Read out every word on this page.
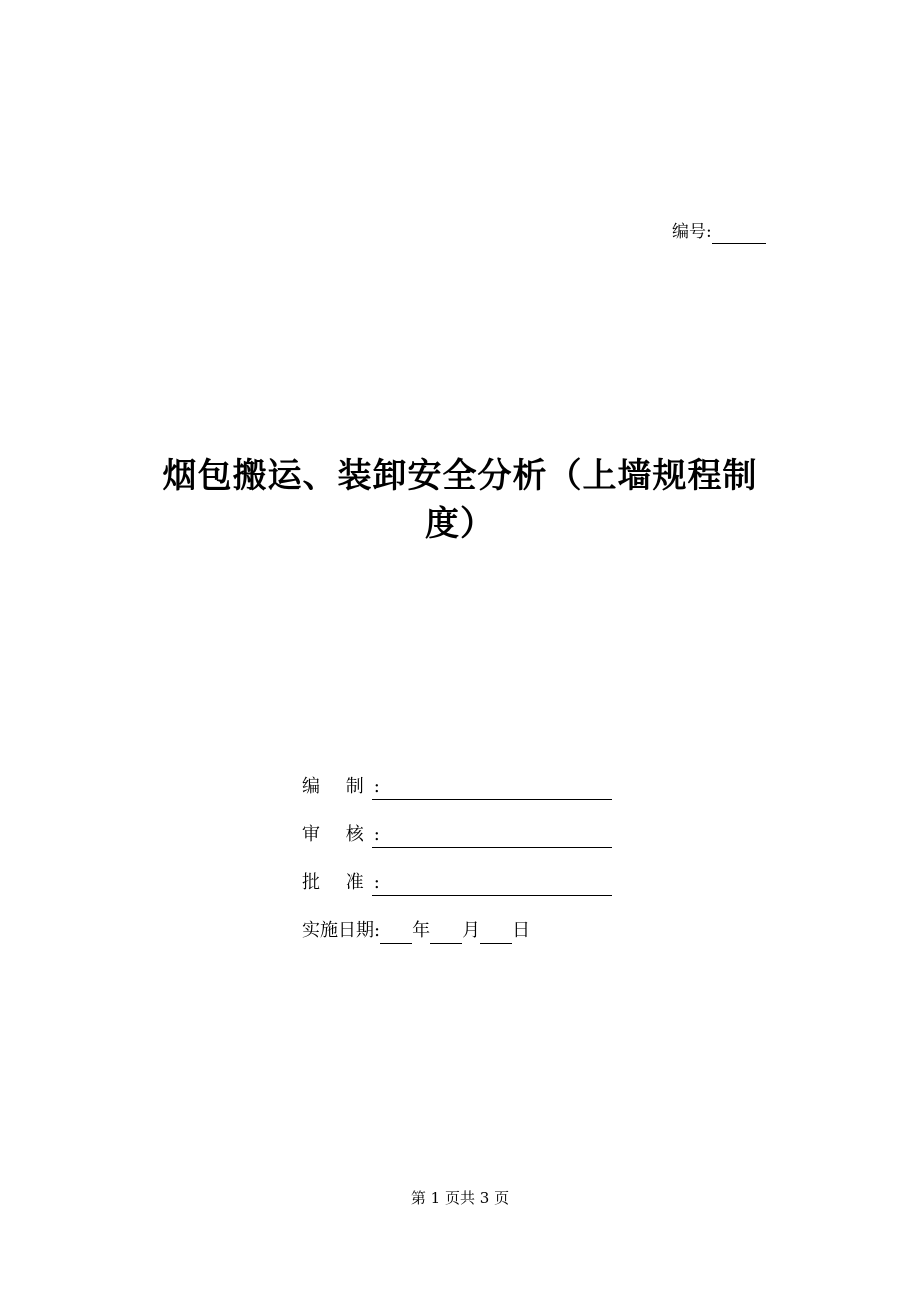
编号:
烟包搬运、装卸安全分析（上墙规程制
度）
编 制:
审 核:
批 准:
实施日期: 年 月 日
第 1 页共 3 页
